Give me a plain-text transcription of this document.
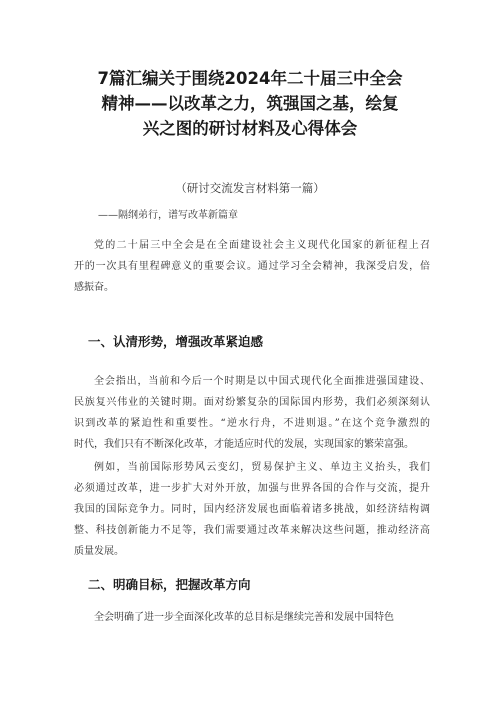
7篇汇编关于围绕2024年二十届三中全会
精神——以改革之力，筑强国之基，绘复
兴之图的研讨材料及心得体会
（研讨交流发言材料第一篇）
——隔纲弟行，谱写改革新篇章
党的二十届三中全会是在全面建设社会主义现代化国家的新征程上召
开的一次具有里程碑意义的重要会议。通过学习全会精神，我深受启发，倍
感振奋。
一、认清形势，增强改革紧迫感
全会指出，当前和今后一个时期是以中国式现代化全面推进强国建设、
民族复兴伟业的关键时期。面对纷繁复杂的国际国内形势，我们必须深刻认
识到改革的紧迫性和重要性。“逆水行舟，不进则退。”在这个竞争激烈的
时代，我们只有不断深化改革，才能适应时代的发展，实现国家的繁荣富强。
例如，当前国际形势风云变幻，贸易保护主义、单边主义抬头，我们
必须通过改革，进一步扩大对外开放，加强与世界各国的合作与交流，提升
我国的国际竞争力。同时，国内经济发展也面临着诸多挑战，如经济结构调
整、科技创新能力不足等，我们需要通过改革来解决这些问题，推动经济高
质量发展。
二、明确目标，把握改革方向
全会明确了进一步全面深化改革的总目标是继续完善和发展中国特色
